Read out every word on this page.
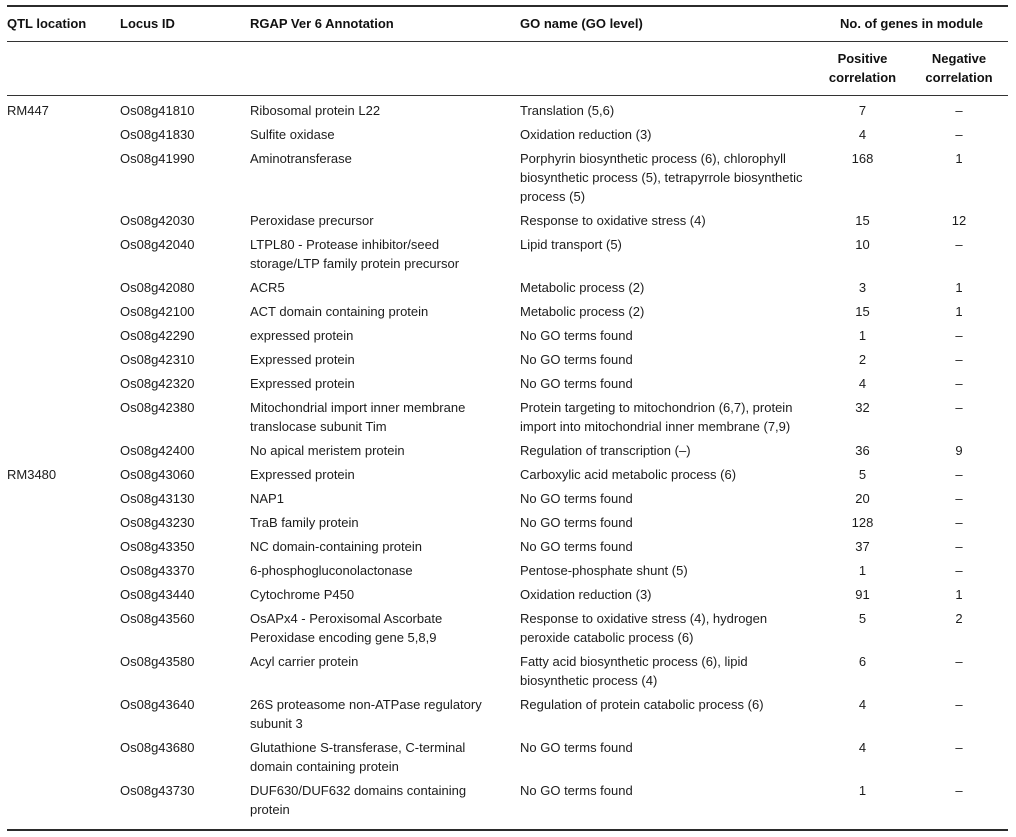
QTL location	Locus ID	RGAP Ver 6 Annotation	GO name (GO level)	No. of genes in module	
				Positive correlation	Negative correlation
RM447	Os08g41810	Ribosomal protein L22	Translation (5,6)	7	–
	Os08g41830	Sulfite oxidase	Oxidation reduction (3)	4	–
	Os08g41990	Aminotransferase	Porphyrin biosynthetic process (6), chlorophyll biosynthetic process (5), tetrapyrrole biosynthetic process (5)	168	1
	Os08g42030	Peroxidase precursor	Response to oxidative stress (4)	15	12
	Os08g42040	LTPL80 - Protease inhibitor/seed storage/LTP family protein precursor	Lipid transport (5)	10	–
	Os08g42080	ACR5	Metabolic process (2)	3	1
	Os08g42100	ACT domain containing protein	Metabolic process (2)	15	1
	Os08g42290	expressed protein	No GO terms found	1	–
	Os08g42310	Expressed protein	No GO terms found	2	–
	Os08g42320	Expressed protein	No GO terms found	4	–
	Os08g42380	Mitochondrial import inner membrane translocase subunit Tim	Protein targeting to mitochondrion (6,7), protein import into mitochondrial inner membrane (7,9)	32	–
	Os08g42400	No apical meristem protein	Regulation of transcription (–)	36	9
RM3480	Os08g43060	Expressed protein	Carboxylic acid metabolic process (6)	5	–
	Os08g43130	NAP1	No GO terms found	20	–
	Os08g43230	TraB family protein	No GO terms found	128	–
	Os08g43350	NC domain-containing protein	No GO terms found	37	–
	Os08g43370	6-phosphogluconolactonase	Pentose-phosphate shunt (5)	1	–
	Os08g43440	Cytochrome P450	Oxidation reduction (3)	91	1
	Os08g43560	OsAPx4 - Peroxisomal Ascorbate Peroxidase encoding gene 5,8,9	Response to oxidative stress (4), hydrogen peroxide catabolic process (6)	5	2
	Os08g43580	Acyl carrier protein	Fatty acid biosynthetic process (6), lipid biosynthetic process (4)	6	–
	Os08g43640	26S proteasome non-ATPase regulatory subunit 3	Regulation of protein catabolic process (6)	4	–
	Os08g43680	Glutathione S-transferase, C-terminal domain containing protein	No GO terms found	4	–
	Os08g43730	DUF630/DUF632 domains containing protein	No GO terms found	1	–
